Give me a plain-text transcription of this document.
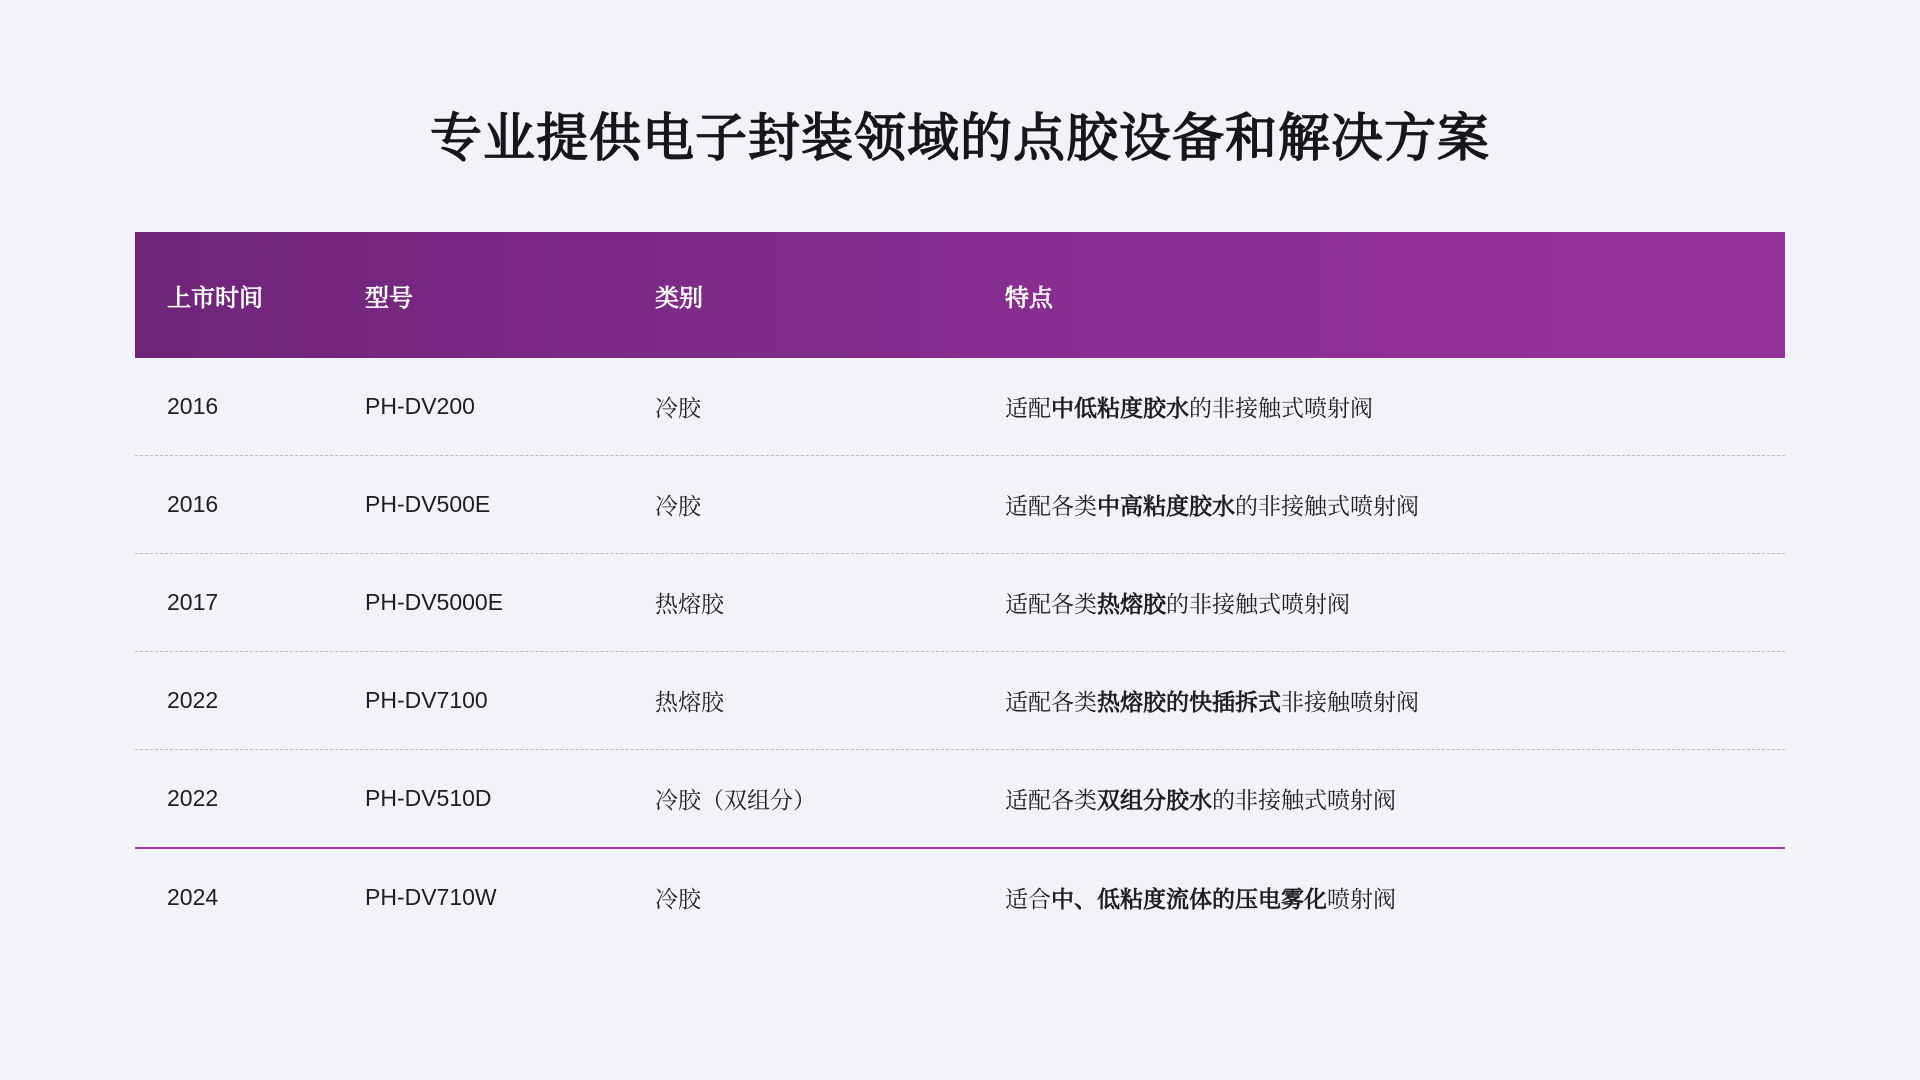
专业提供电子封装领域的点胶设备和解决方案
上市时间	型号	类别	特点
2016	PH-DV200	冷胶	适配中低粘度胶水的非接触式喷射阀
2016	PH-DV500E	冷胶	适配各类中高粘度胶水的非接触式喷射阀
2017	PH-DV5000E	热熔胶	适配各类热熔胶的非接触式喷射阀
2022	PH-DV7100	热熔胶	适配各类热熔胶的快插拆式非接触喷射阀
2022	PH-DV510D	冷胶（双组分）	适配各类双组分胶水的非接触式喷射阀
2024	PH-DV710W	冷胶	适合中、低粘度流体的压电雾化喷射阀
